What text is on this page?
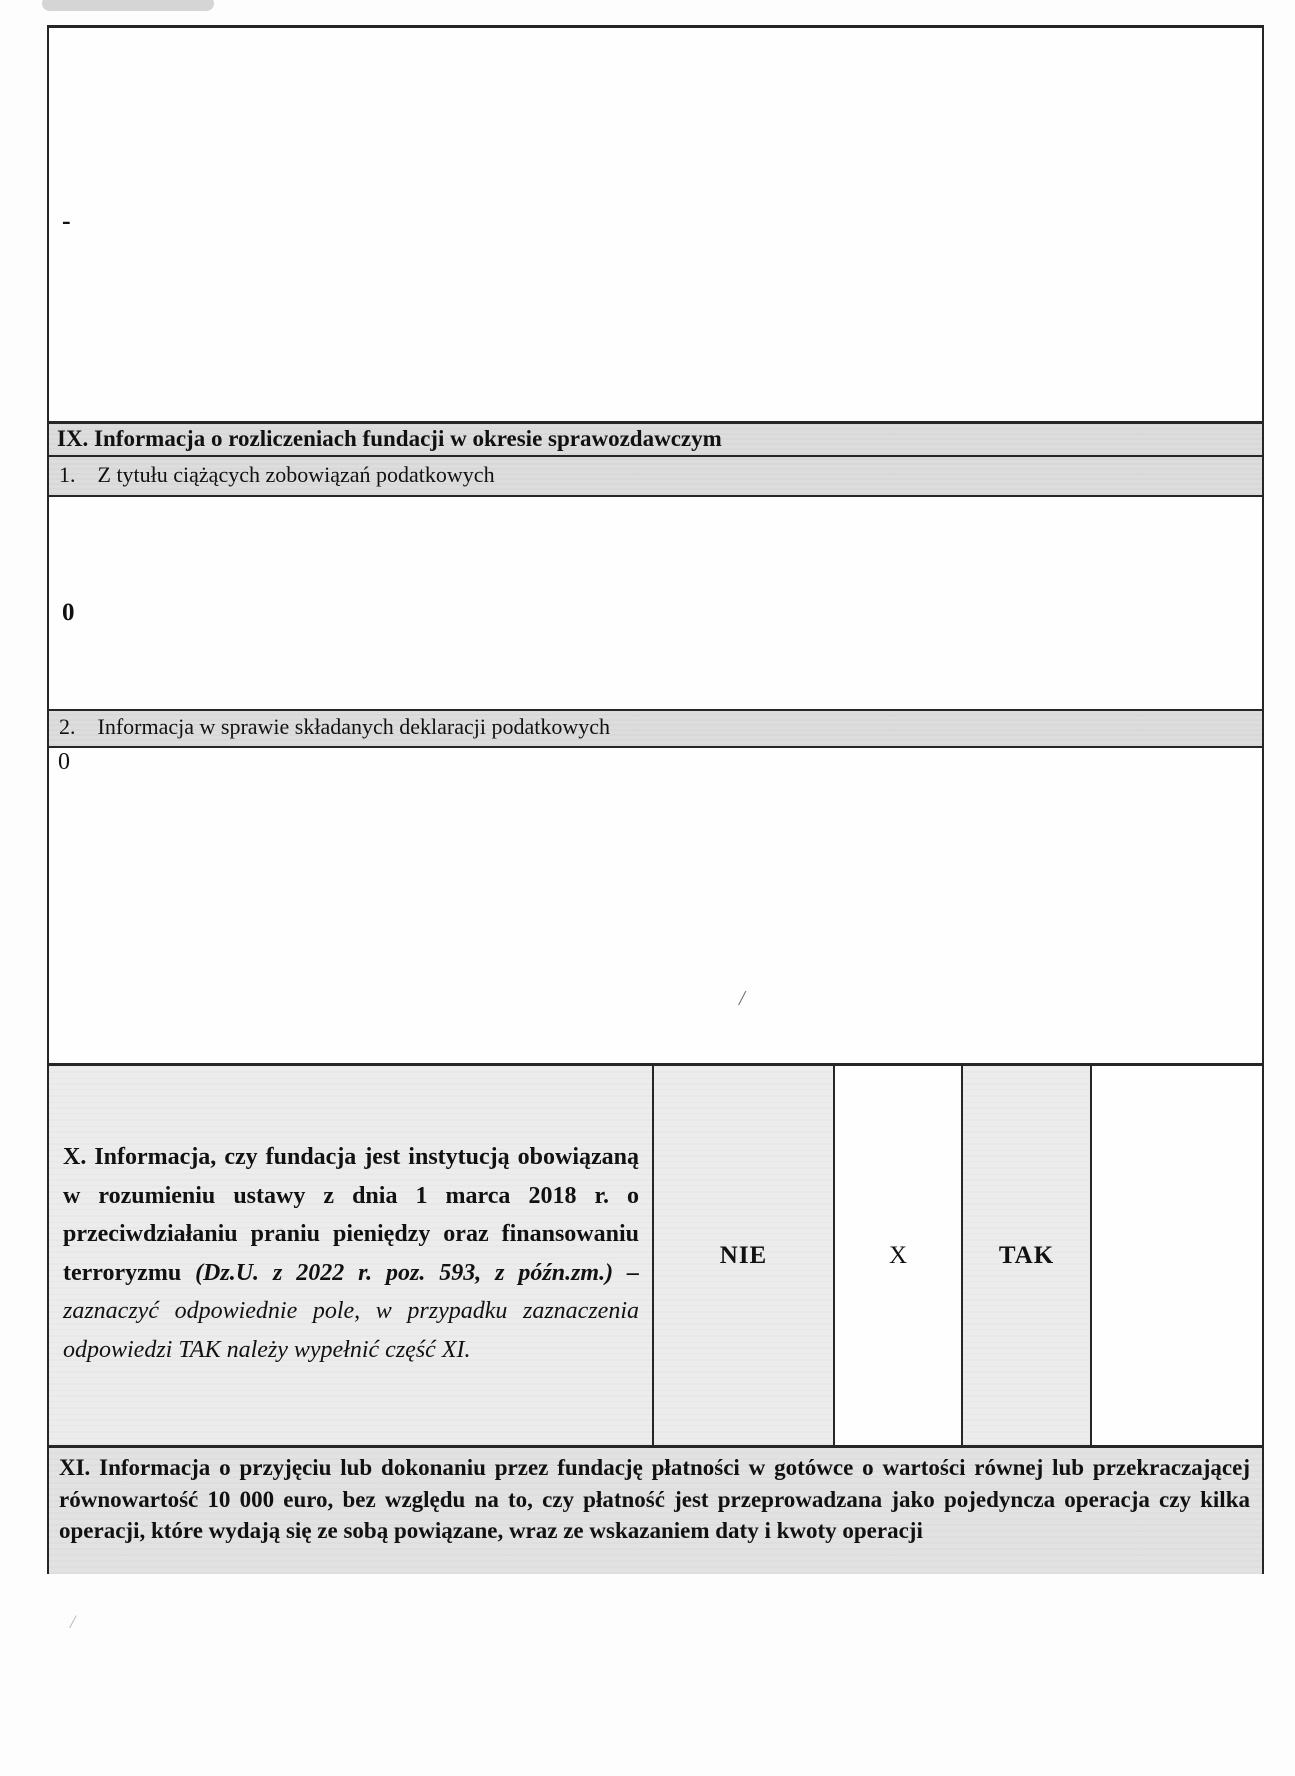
-
IX. Informacja o rozliczeniach fundacji w okresie sprawozdawczym
1. Z tytułu ciążących zobowiązań podatkowych
0
2. Informacja w sprawie składanych deklaracji podatkowych
0
/
X. Informacja, czy fundacja jest instytucją obowiązaną w rozumieniu ustawy z dnia 1 marca 2018 r. o przeciwdziałaniu praniu pieniędzy oraz finansowaniu terroryzmu (Dz.U. z 2022 r. poz. 593, z późn.zm.) – zaznaczyć odpowiednie pole, w przypadku zaznaczenia odpowiedzi TAK należy wypełnić część XI.
NIE	X	TAK
XI. Informacja o przyjęciu lub dokonaniu przez fundację płatności w gotówce o wartości równej lub przekraczającej równowartość 10 000 euro, bez względu na to, czy płatność jest przeprowadzana jako pojedyncza operacja czy kilka operacji, które wydają się ze sobą powiązane, wraz ze wskazaniem daty i kwoty operacji
/
